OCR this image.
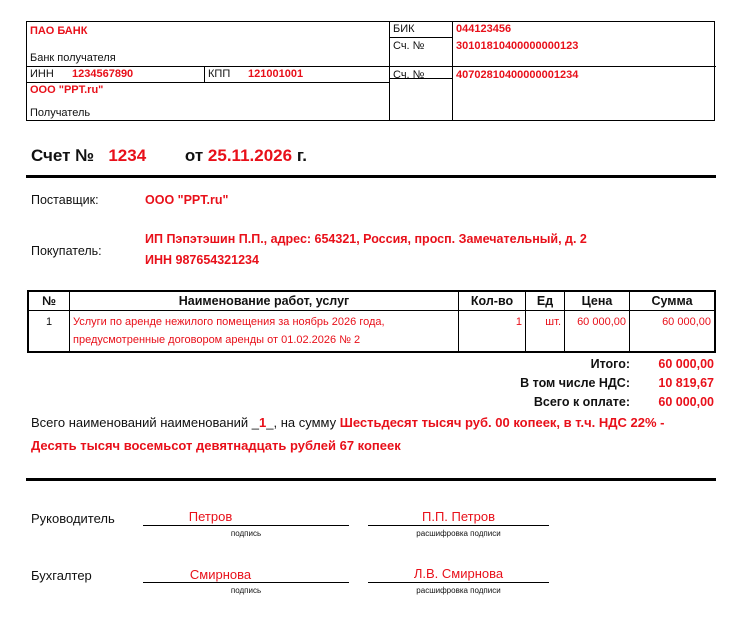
ПАО БАНК
Банк получателя
ИНН 1234567890	КПП 121001001
ООО "PPT.ru"
Получатель
БИК	044123456
Сч. №	30101810400000000123
Сч. №	40702810400000001234
Счет № 1234 от 25.11.2026 г.
Поставщик:	ООО "PPT.ru"
Покупатель:
ИП Пэпэтэшин П.П., адрес: 654321, Россия, просп. Замечательный, д. 2
ИНН 987654321234
№	Наименование работ, услуг	Кол-во	Ед	Цена	Сумма
1	Услуги по аренде нежилого помещения за ноябрь 2026 года,
предусмотренные договором аренды от 01.02.2026 № 2	1	шт.	60 000,00	60 000,00
Итого: 60 000,00
В том числе НДС: 10 819,67
Всего к оплате: 60 000,00
Всего наименований наименований _1_, на сумму Шестьдесят тысяч руб. 00 копеек, в т.ч. НДС 22% - Десять тысяч восемьсот девятнадцать рублей 67 копеек
Руководитель	Петров
подпись
П.П. Петров
расшифровка подписи
Бухгалтер	Смирнова
подпись
Л.В. Смирнова
расшифровка подписи
